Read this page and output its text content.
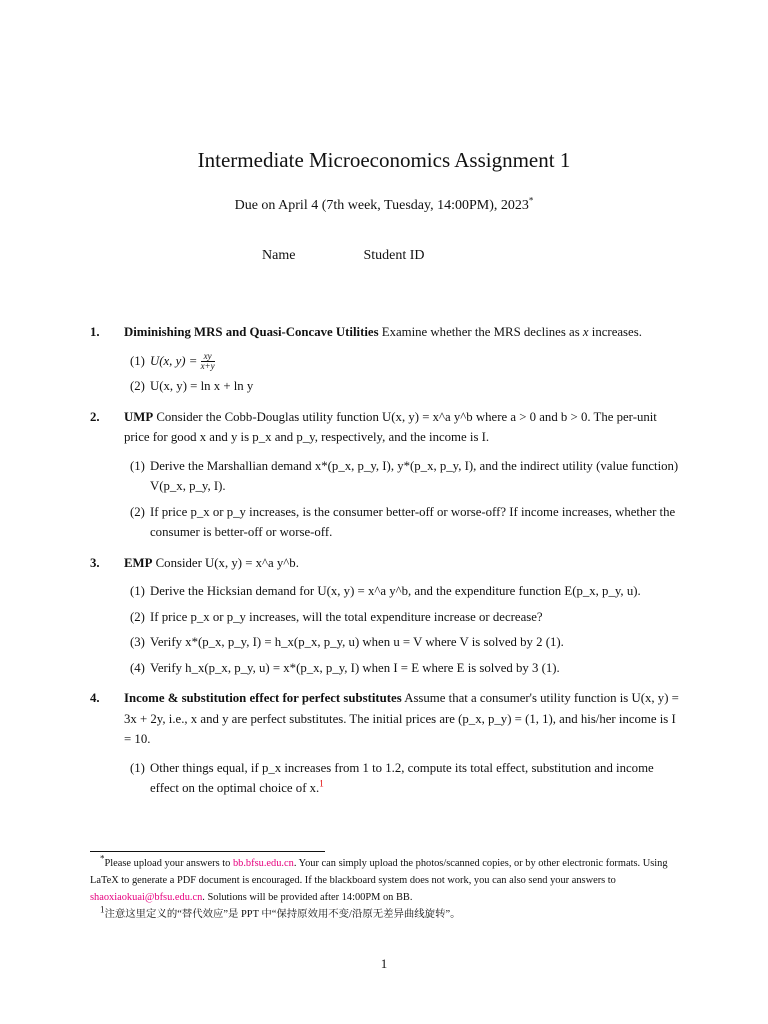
Intermediate Microeconomics Assignment 1
Due on April 4 (7th week, Tuesday, 14:00PM), 2023*
Name	Student ID
1. Diminishing MRS and Quasi-Concave Utilities Examine whether the MRS declines as x increases.
(1) U(x, $y) = \frac{xy}{x+y}$
(2) U(x, y) = ln x + ln y
2. UMP Consider the Cobb-Douglas utility function U(x, y) = x^a y^b where a > 0 and b > 0. The per-unit price for good x and y is p_x and p_y, respectively, and the income is I.
(1) Derive the Marshallian demand x*(p_x, p_y, I), y*(p_x, p_y, I), and the indirect utility (value function) V(p_x, p_y, I).
(2) If price p_x or p_y increases, is the consumer better-off or worse-off? If income increases, whether the consumer is better-off or worse-off.
3. EMP Consider U(x, y) = x^a y^b.
(1) Derive the Hicksian demand for U(x, y) = x^a y^b, and the expenditure function E(p_x, p_y, u).
(2) If price p_x or p_y increases, will the total expenditure increase or decrease?
(3) Verify x*(p_x, p_y, I) = h_x(p_x, p_y, u) when u = V where V is solved by 2 (1).
(4) Verify h_x(p_x, p_y, u) = x*(p_x, p_y, I) when I = E where E is solved by 3 (1).
4. Income & substitution effect for perfect substitutes Assume that a consumer's utility function is U(x, y) = 3x + 2y, i.e., x and y are perfect substitutes. The initial prices are (p_x, p_y) = (1, 1), and his/her income is I = 10.
(1) Other things equal, if p_x increases from 1 to 1.2, compute its total effect, substitution and income effect on the optimal choice of x.$^1$
*Please upload your answers to bb.bfsu.edu.cn. Your can simply upload the photos/scanned copies, or by other electronic formats. Using LaTeX to generate a PDF document is encouraged. If the blackboard system does not work, you can also send your answers to shaoxiaokuai@bfsu.edu.cn. Solutions will be provided after 14:00PM on BB.
$^1$注意这里定义的“替代效应”是 PPT 中“保持原效用不变/沿原无差异曲线旋转”。
1
